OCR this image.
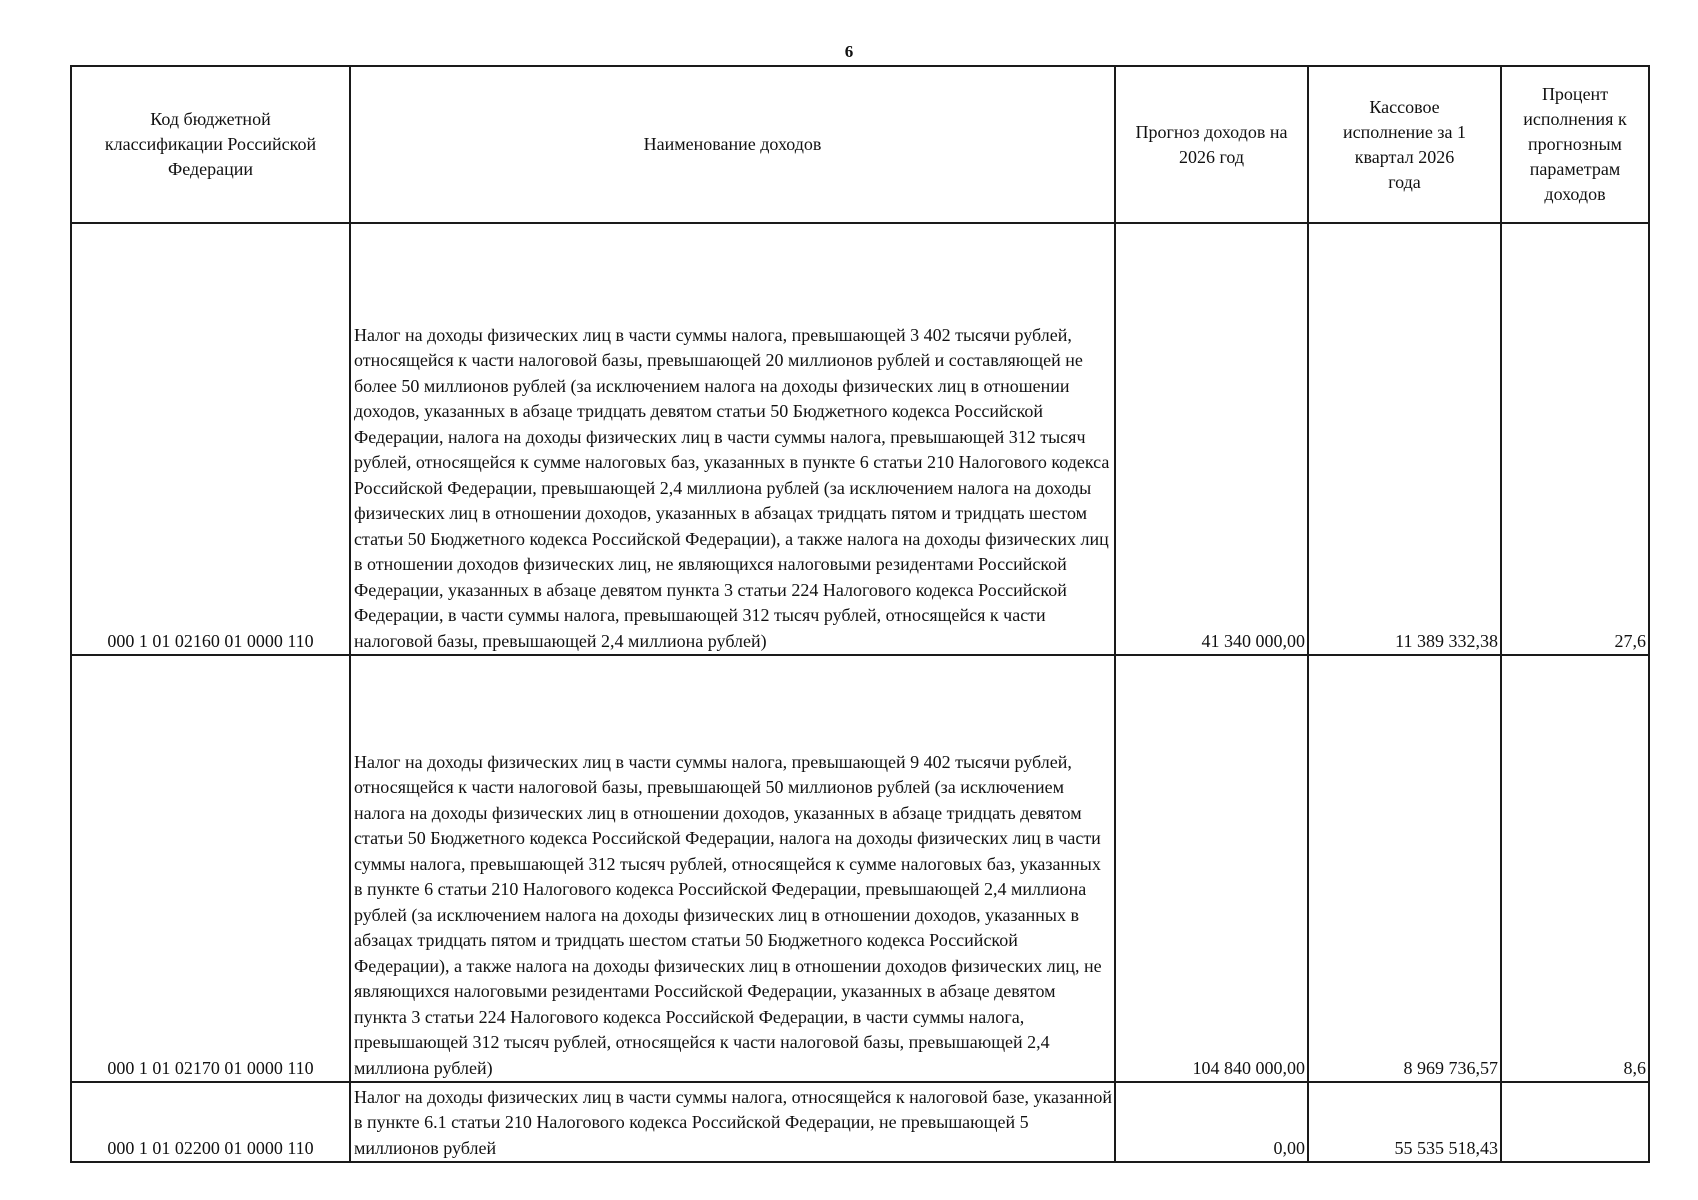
6
Код бюджетной классификации Российской Федерации	Наименование доходов	Прогноз доходов на 2026 год	Кассовое исполнение за 1 квартал 2026 года	Процент исполнения к прогнозным параметрам доходов
000 1 01 02160 01 0000 110	Налог на доходы физических лиц в части суммы налога, превышающей 3 402 тысячи рублей, относящейся к части налоговой базы, превышающей 20 миллионов рублей и составляющей не более 50 миллионов рублей (за исключением налога на доходы физических лиц в отношении доходов, указанных в абзаце тридцать девятом статьи 50 Бюджетного кодекса Российской Федерации, налога на доходы физических лиц в части суммы налога, превышающей 312 тысяч рублей, относящейся к сумме налоговых баз, указанных в пункте 6 статьи 210 Налогового кодекса Российской Федерации, превышающей 2,4 миллиона рублей (за исключением налога на доходы физических лиц в отношении доходов, указанных в абзацах тридцать пятом и тридцать шестом статьи 50 Бюджетного кодекса Российской Федерации), а также налога на доходы физических лиц в отношении доходов физических лиц, не являющихся налоговыми резидентами Российской Федерации, указанных в абзаце девятом пункта 3 статьи 224 Налогового кодекса Российской Федерации, в части суммы налога, превышающей 312 тысяч рублей, относящейся к части налоговой базы, превышающей 2,4 миллиона рублей)	41 340 000,00	11 389 332,38	27,6
000 1 01 02170 01 0000 110	Налог на доходы физических лиц в части суммы налога, превышающей 9 402 тысячи рублей, относящейся к части налоговой базы, превышающей 50 миллионов рублей (за исключением налога на доходы физических лиц в отношении доходов, указанных в абзаце тридцать девятом статьи 50 Бюджетного кодекса Российской Федерации, налога на доходы физических лиц в части суммы налога, превышающей 312 тысяч рублей, относящейся к сумме налоговых баз, указанных в пункте 6 статьи 210 Налогового кодекса Российской Федерации, превышающей 2,4 миллиона рублей (за исключением налога на доходы физических лиц в отношении доходов, указанных в абзацах тридцать пятом и тридцать шестом статьи 50 Бюджетного кодекса Российской Федерации), а также налога на доходы физических лиц в отношении доходов физических лиц, не являющихся налоговыми резидентами Российской Федерации, указанных в абзаце девятом пункта 3 статьи 224 Налогового кодекса Российской Федерации, в части суммы налога, превышающей 312 тысяч рублей, относящейся к части налоговой базы, превышающей 2,4 миллиона рублей)	104 840 000,00	8 969 736,57	8,6
000 1 01 02200 01 0000 110	Налог на доходы физических лиц в части суммы налога, относящейся к налоговой базе, указанной в пункте 6.1 статьи 210 Налогового кодекса Российской Федерации, не превышающей 5 миллионов рублей	0,00	55 535 518,43	
